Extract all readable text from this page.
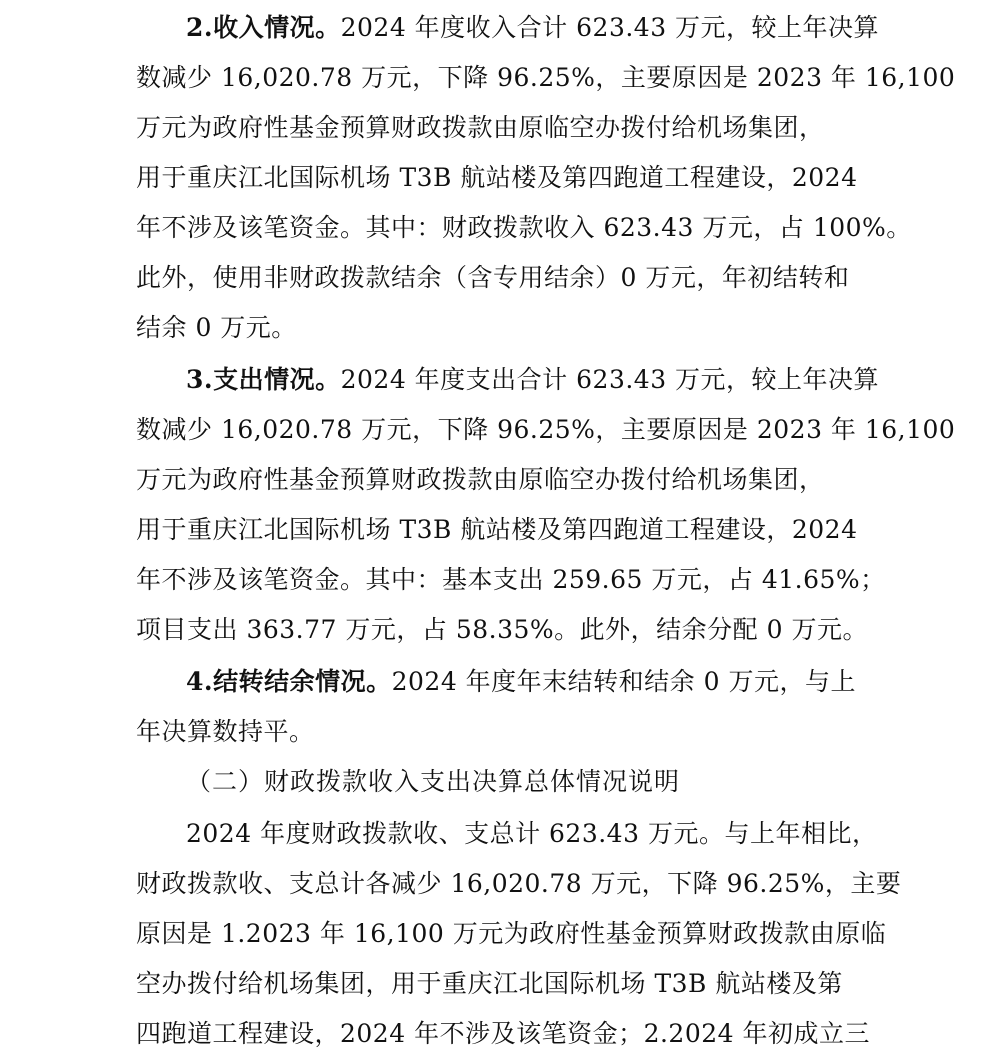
2.收入情况。2024 年度收入合计 623.43 万元，较上年决算
数减少 16,020.78 万元，下降 96.25%，主要原因是 2023 年 16,100
万元为政府性基金预算财政拨款由原临空办拨付给机场集团，
用于重庆江北国际机场 T3B 航站楼及第四跑道工程建设，2024
年不涉及该笔资金。其中：财政拨款收入 623.43 万元，占 100%。
此外，使用非财政拨款结余（含专用结余）0 万元，年初结转和
结余 0 万元。
3.支出情况。2024 年度支出合计 623.43 万元，较上年决算
数减少 16,020.78 万元，下降 96.25%，主要原因是 2023 年 16,100
万元为政府性基金预算财政拨款由原临空办拨付给机场集团，
用于重庆江北国际机场 T3B 航站楼及第四跑道工程建设，2024
年不涉及该笔资金。其中：基本支出 259.65 万元，占 41.65%；
项目支出 363.77 万元，占 58.35%。此外，结余分配 0 万元。
4.结转结余情况。2024 年度年末结转和结余 0 万元，与上
年决算数持平。
（二）财政拨款收入支出决算总体情况说明
2024 年度财政拨款收、支总计 623.43 万元。与上年相比，
财政拨款收、支总计各减少 16,020.78 万元，下降 96.25%，主要
原因是 1.2023 年 16,100 万元为政府性基金预算财政拨款由原临
空办拨付给机场集团，用于重庆江北国际机场 T3B 航站楼及第
四跑道工程建设，2024 年不涉及该笔资金；2.2024 年初成立三
